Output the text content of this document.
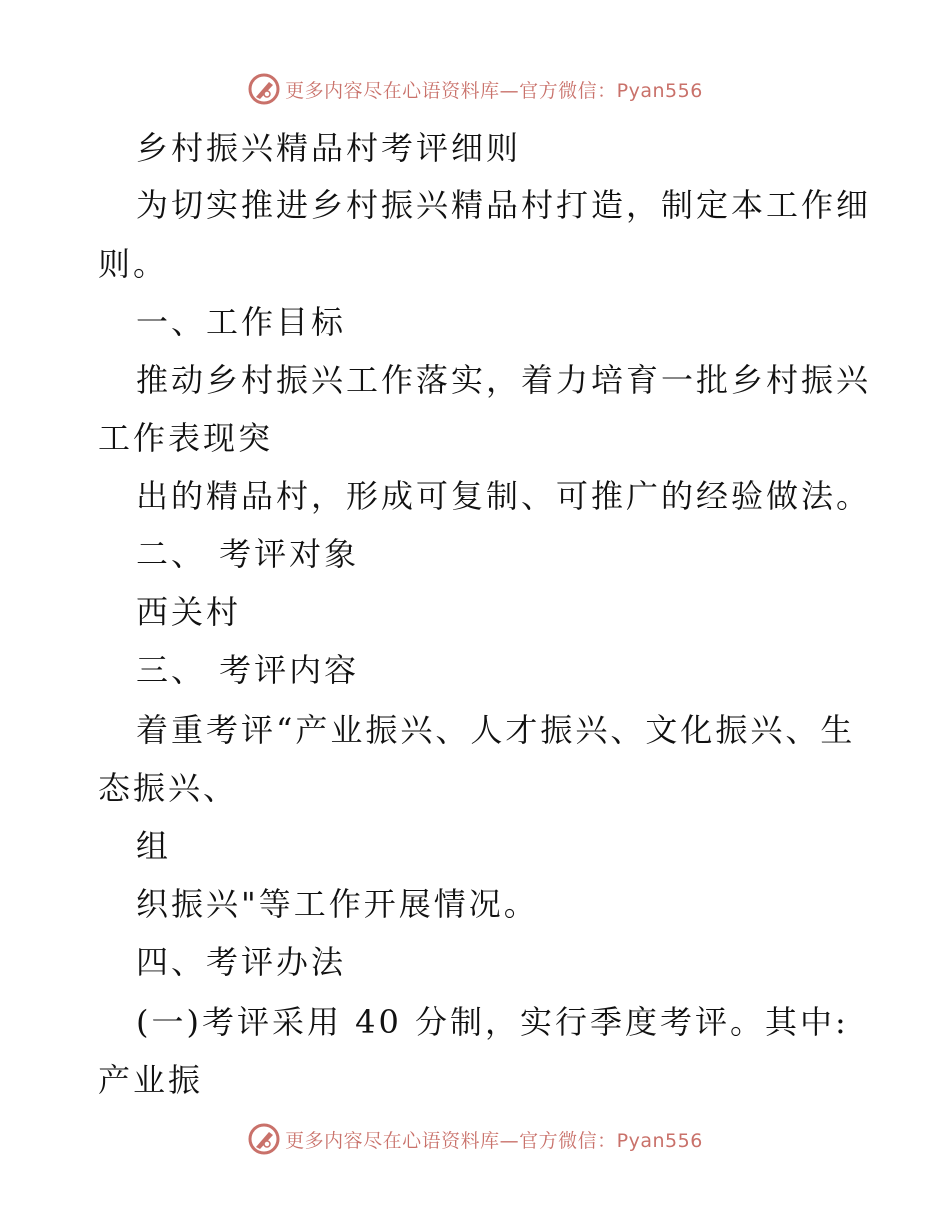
更多内容尽在心语资料库—官方微信：Pyan556
乡村振兴精品村考评细则
为切实推进乡村振兴精品村打造，制定本工作细
则。
一、工作目标
推动乡村振兴工作落实，着力培育一批乡村振兴
工作表现突
出的精品村，形成可复制、可推广的经验做法。
二、 考评对象
西关村
三、 考评内容
着重考评“产业振兴、人才振兴、文化振兴、生
态振兴、
组
织振兴"等工作开展情况。
四、考评办法
(一)考评采用 40 分制，实行季度考评。其中:
产业振
更多内容尽在心语资料库—官方微信：Pyan556
